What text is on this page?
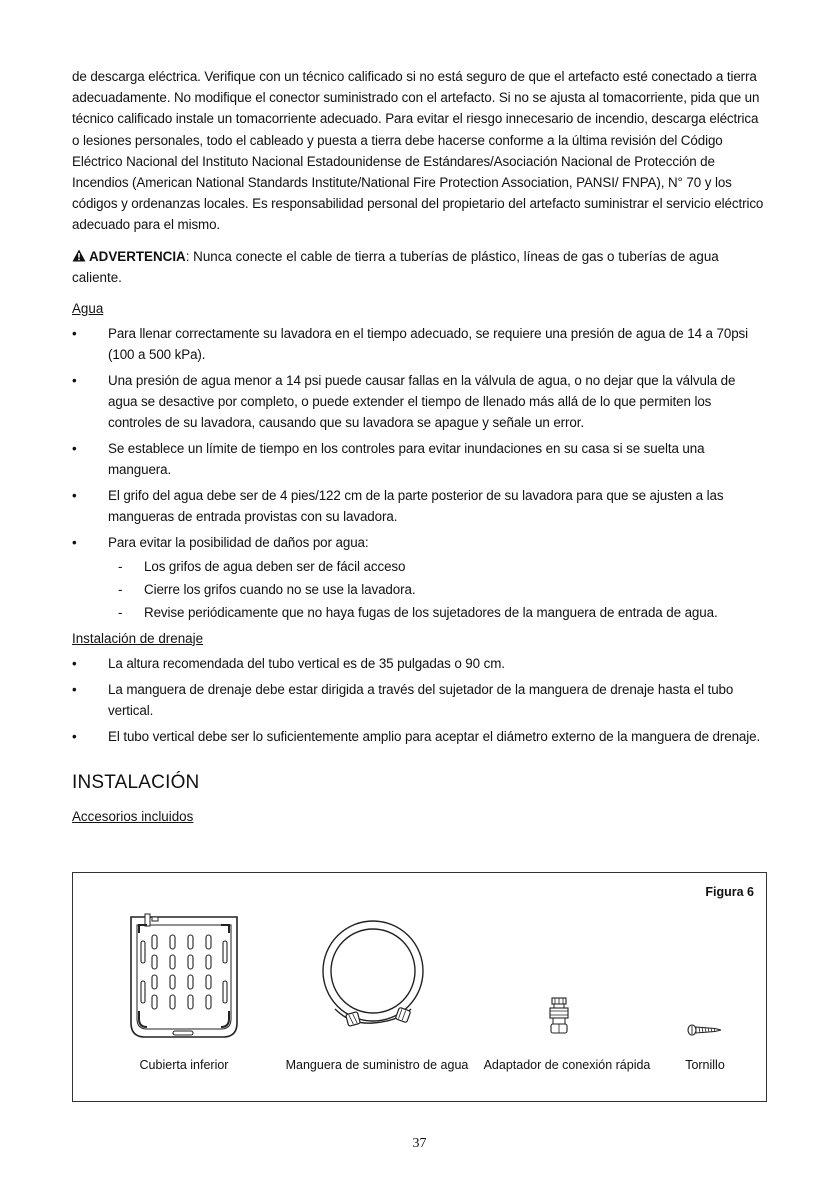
de descarga eléctrica. Verifique con un técnico calificado si no está seguro de que el artefacto esté conectado a tierra adecuadamente. No modifique el conector suministrado con el artefacto. Si no se ajusta al tomacorriente, pida que un técnico calificado instale un tomacorriente adecuado. Para evitar el riesgo innecesario de incendio, descarga eléctrica o lesiones personales, todo el cableado y puesta a tierra debe hacerse conforme a la última revisión del Código Eléctrico Nacional del Instituto Nacional Estadounidense de Estándares/Asociación Nacional de Protección de Incendios (American National Standards Institute/National Fire Protection Association, PANSI/ FNPA), N° 70 y los códigos y ordenanzas locales. Es responsabilidad personal del propietario del artefacto suministrar el servicio eléctrico adecuado para el mismo.

ADVERTENCIA: Nunca conecte el cable de tierra a tuberías de plástico, líneas de gas o tuberías de agua caliente.

Agua

• Para llenar correctamente su lavadora en el tiempo adecuado, se requiere una presión de agua de 14 a 70psi (100 a 500 kPa).
• Una presión de agua menor a 14 psi puede causar fallas en la válvula de agua, o no dejar que la válvula de agua se desactive por completo, o puede extender el tiempo de llenado más allá de lo que permiten los controles de su lavadora, causando que su lavadora se apague y señale un error.
• Se establece un límite de tiempo en los controles para evitar inundaciones en su casa si se suelta una manguera.
• El grifo del agua debe ser de 4 pies/122 cm de la parte posterior de su lavadora para que se ajusten a las mangueras de entrada provistas con su lavadora.
• Para evitar la posibilidad de daños por agua:
- Los grifos de agua deben ser de fácil acceso
- Cierre los grifos cuando no se use la lavadora.
- Revise periódicamente que no haya fugas de los sujetadores de la manguera de entrada de agua.

Instalación de drenaje

• La altura recomendada del tubo vertical es de 35 pulgadas o 90 cm.
• La manguera de drenaje debe estar dirigida a través del sujetador de la manguera de drenaje hasta el tubo vertical.
• El tubo vertical debe ser lo suficientemente amplio para aceptar el diámetro externo de la manguera de drenaje.

INSTALACIÓN

Accesorios incluidos

Figura 6
Cubierta inferior	Manguera de suministro de agua	Adaptador de conexión rápida	Tornillo
37
